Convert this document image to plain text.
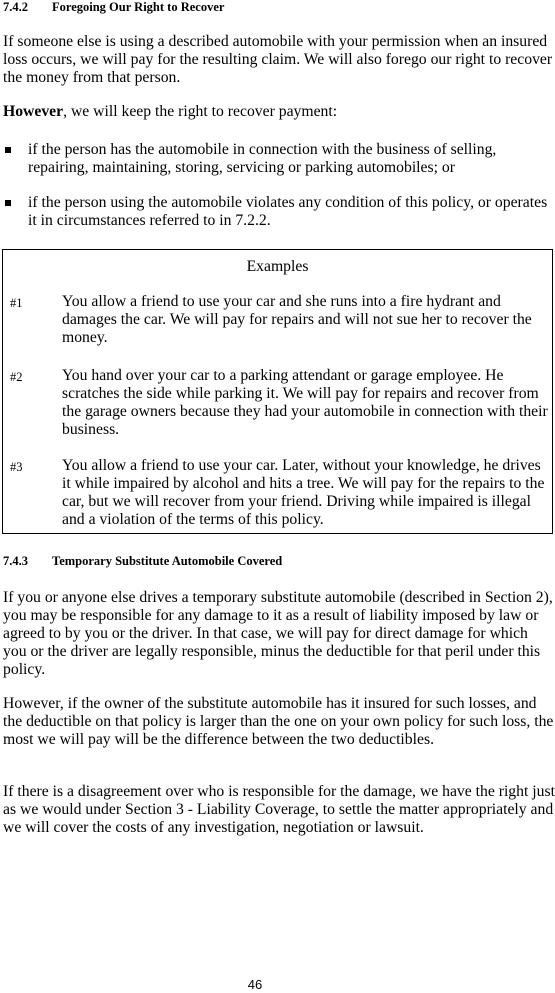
7.4.2 Foregoing Our Right to Recover

If someone else is using a described automobile with your permission when an insured loss occurs, we will pay for the resulting claim. We will also forego our right to recover the money from that person.

However, we will keep the right to recover payment:

if the person has the automobile in connection with the business of selling, repairing, maintaining, storing, servicing or parking automobiles; or
if the person using the automobile violates any condition of this policy, or operates it in circumstances referred to in 7.2.2.
Examples
#1	You allow a friend to use your car and she runs into a fire hydrant and damages the car. We will pay for repairs and will not sue her to recover the money.
#2	You hand over your car to a parking attendant or garage employee. He scratches the side while parking it. We will pay for repairs and recover from the garage owners because they had your automobile in connection with their business.
#3	You allow a friend to use your car. Later, without your knowledge, he drives it while impaired by alcohol and hits a tree. We will pay for the repairs to the car, but we will recover from your friend. Driving while impaired is illegal and a violation of the terms of this policy.
7.4.3 Temporary Substitute Automobile Covered

If you or anyone else drives a temporary substitute automobile (described in Section 2), you may be responsible for any damage to it as a result of liability imposed by law or agreed to by you or the driver. In that case, we will pay for direct damage for which you or the driver are legally responsible, minus the deductible for that peril under this policy.

However, if the owner of the substitute automobile has it insured for such losses, and the deductible on that policy is larger than the one on your own policy for such loss, the most we will pay will be the difference between the two deductibles.

If there is a disagreement over who is responsible for the damage, we have the right just as we would under Section 3 - Liability Coverage, to settle the matter appropriately and we will cover the costs of any investigation, negotiation or lawsuit.

46
